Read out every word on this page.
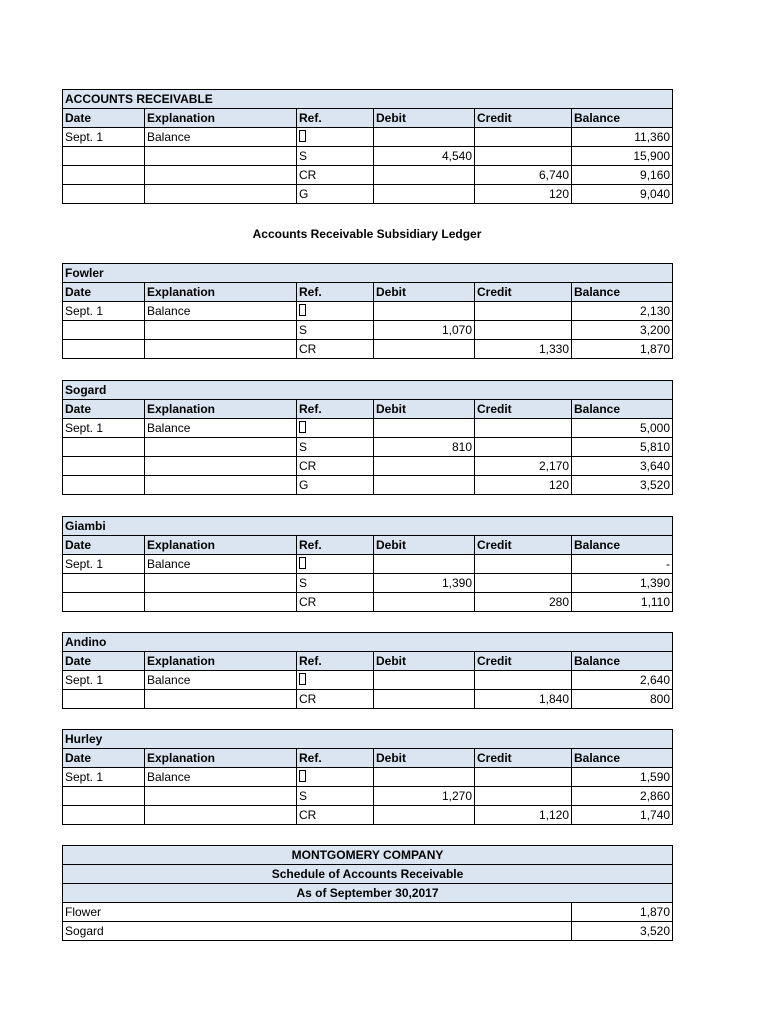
ACCOUNTS RECEIVABLE					
Date	Explanation	Ref.	Debit	Credit	Balance
Sept. 1	Balance				11,360
		S	4,540		15,900
		CR		6,740	9,160
		G		120	9,040
Accounts Receivable Subsidiary Ledger
Fowler					
Date	Explanation	Ref.	Debit	Credit	Balance
Sept. 1	Balance				2,130
		S	1,070		3,200
		CR		1,330	1,870
Sogard					
Date	Explanation	Ref.	Debit	Credit	Balance
Sept. 1	Balance				5,000
		S	810		5,810
		CR		2,170	3,640
		G		120	3,520
Giambi					
Date	Explanation	Ref.	Debit	Credit	Balance
Sept. 1	Balance				-
		S	1,390		1,390
		CR		280	1,110
Andino					
Date	Explanation	Ref.	Debit	Credit	Balance
Sept. 1	Balance				2,640
		CR		1,840	800
Hurley					
Date	Explanation	Ref.	Debit	Credit	Balance
Sept. 1	Balance				1,590
		S	1,270		2,860
		CR		1,120	1,740
MONTGOMERY COMPANY	
Schedule of Accounts Receivable	
As of September 30,2017	
Flower	1,870
Sogard	3,520
